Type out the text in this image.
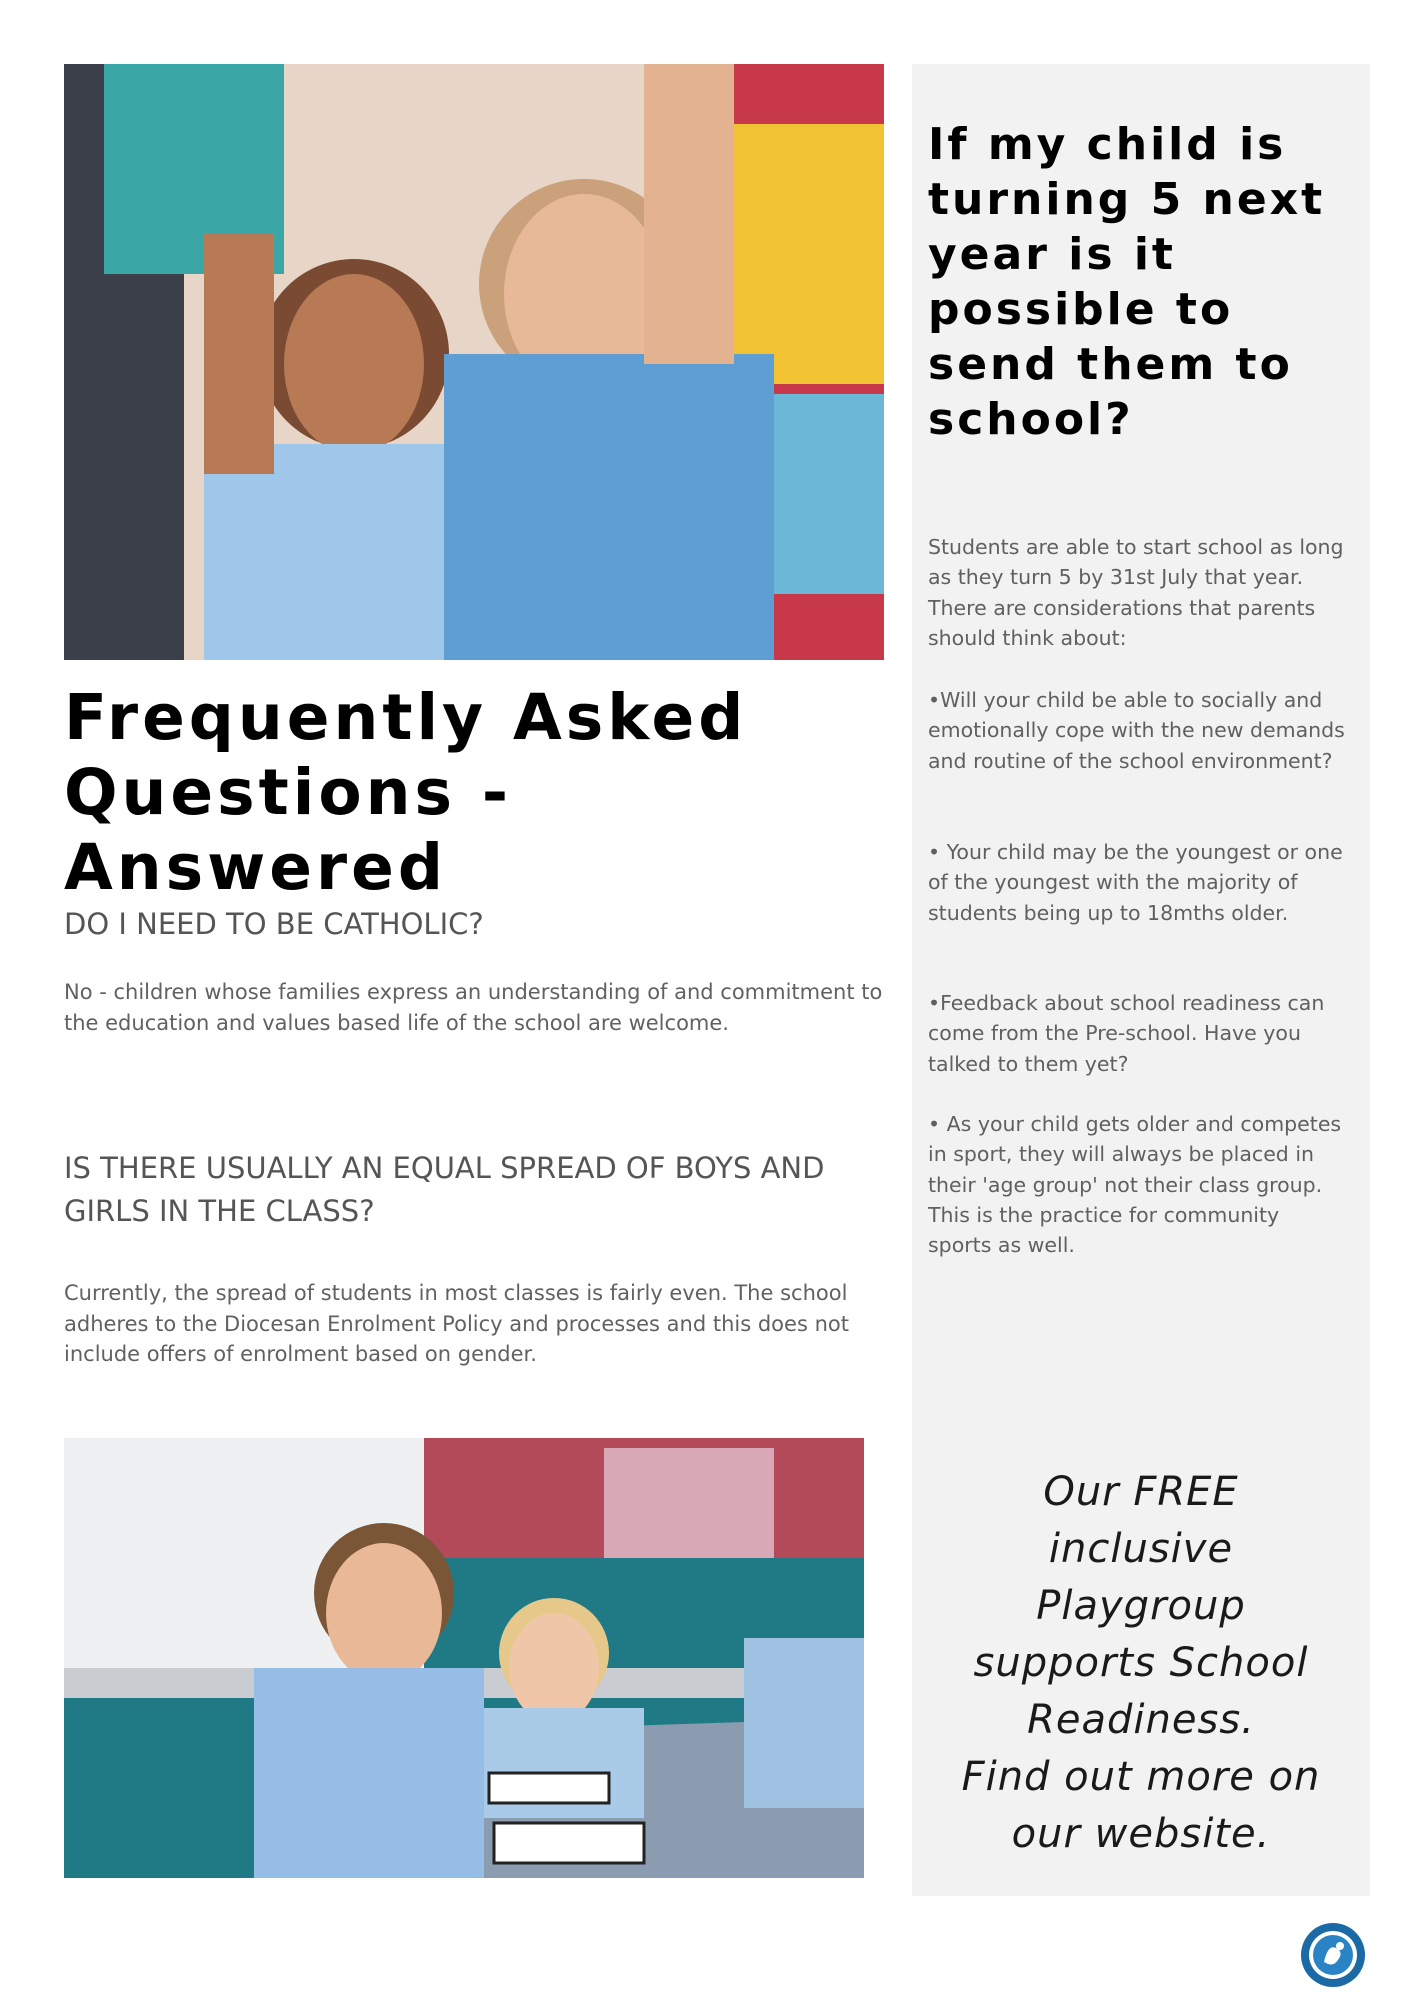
Frequently Asked
Questions - Answered
DO I NEED TO BE CATHOLIC?
No - children whose families express an understanding of and commitment to the education and values based life of the school are welcome.
IS THERE USUALLY AN EQUAL SPREAD OF BOYS AND GIRLS IN THE CLASS?
Currently, the spread of students in most classes is fairly even. The school adheres to the Diocesan Enrolment Policy and processes and this does not include offers of enrolment based on gender.
If my child is turning 5 next year is it possible to send them to school?
Students are able to start school as long as they turn 5 by 31st July that year. There are considerations that parents should think about:
•Will your child be able to socially and emotionally cope with the new demands and routine of the school environment?
• Your child may be the youngest or one of the youngest with the majority of students being up to 18mths older.
•Feedback about school readiness can come from the Pre-school. Have you talked to them yet?
• As your child gets older and competes in sport, they will always be placed in their 'age group' not their class group. This is the practice for community sports as well.
Our FREE
inclusive
Playgroup
supports School
Readiness.
Find out more on
our website.
